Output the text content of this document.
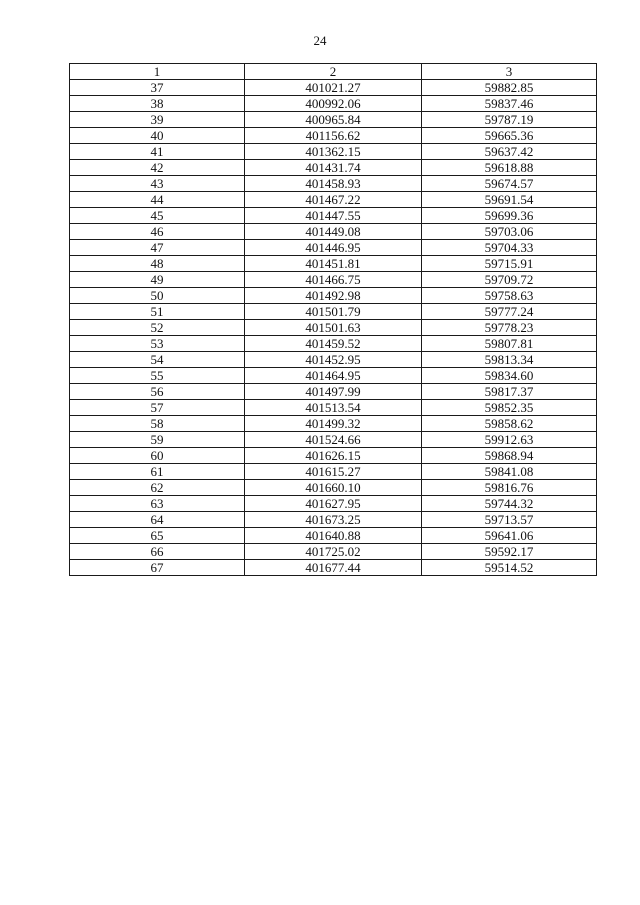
24
1	2	3
37	401021.27	59882.85
38	400992.06	59837.46
39	400965.84	59787.19
40	401156.62	59665.36
41	401362.15	59637.42
42	401431.74	59618.88
43	401458.93	59674.57
44	401467.22	59691.54
45	401447.55	59699.36
46	401449.08	59703.06
47	401446.95	59704.33
48	401451.81	59715.91
49	401466.75	59709.72
50	401492.98	59758.63
51	401501.79	59777.24
52	401501.63	59778.23
53	401459.52	59807.81
54	401452.95	59813.34
55	401464.95	59834.60
56	401497.99	59817.37
57	401513.54	59852.35
58	401499.32	59858.62
59	401524.66	59912.63
60	401626.15	59868.94
61	401615.27	59841.08
62	401660.10	59816.76
63	401627.95	59744.32
64	401673.25	59713.57
65	401640.88	59641.06
66	401725.02	59592.17
67	401677.44	59514.52
